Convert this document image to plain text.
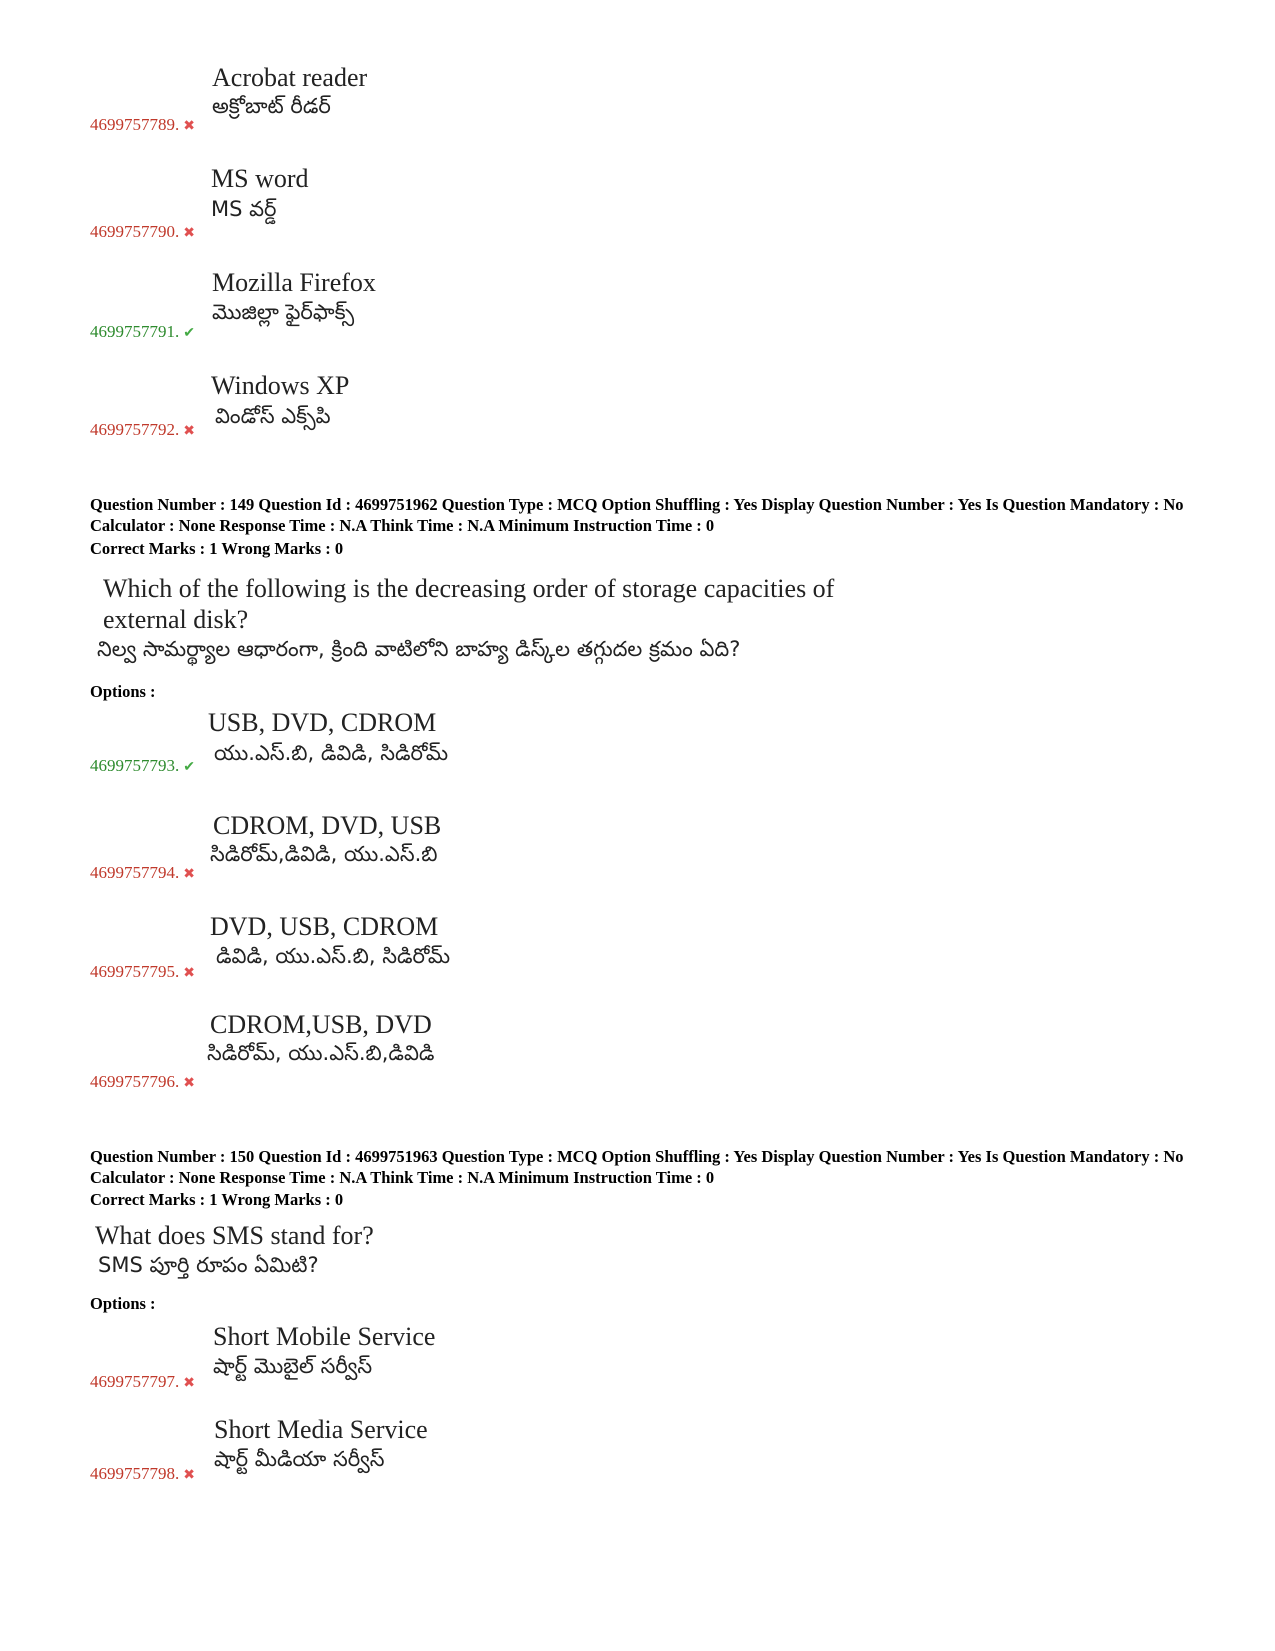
Acrobat reader
అక్రోబాట్ రీడర్
4699757789. ✖
MS word
MS వర్డ్
4699757790. ✖
Mozilla Firefox
మొజిల్లా ఫైర్‌ఫాక్స్
4699757791. ✔
Windows XP
విండోస్ ఎక్స్‌పి
4699757792. ✖
Question Number : 149 Question Id : 4699751962 Question Type : MCQ Option Shuffling : Yes Display Question Number : Yes Is Question Mandatory : No Calculator : None Response Time : N.A Think Time : N.A Minimum Instruction Time : 0
Correct Marks : 1 Wrong Marks : 0
Which of the following is the decreasing order of storage capacities of external disk?
నిల్వ సామర్థ్యాల ఆధారంగా, క్రింది వాటిలోని బాహ్య డిస్క్‌ల తగ్గుదల క్రమం ఏది?
Options :
USB, DVD, CDROM
యు.ఎస్.బి, డివిడి, సిడిరోమ్
4699757793. ✔
CDROM, DVD, USB
సిడిరోమ్,డివిడి, యు.ఎస్.బి
4699757794. ✖
DVD, USB, CDROM
డివిడి, యు.ఎస్.బి, సిడిరోమ్
4699757795. ✖
CDROM,USB, DVD
సిడిరోమ్, యు.ఎస్.బి,డివిడి
4699757796. ✖
Question Number : 150 Question Id : 4699751963 Question Type : MCQ Option Shuffling : Yes Display Question Number : Yes Is Question Mandatory : No Calculator : None Response Time : N.A Think Time : N.A Minimum Instruction Time : 0
Correct Marks : 1 Wrong Marks : 0
What does SMS stand for?
SMS పూర్తి రూపం ఏమిటి?
Options :
Short Mobile Service
షార్ట్ మొబైల్ సర్వీస్
4699757797. ✖
Short Media Service
షార్ట్ మీడియా సర్వీస్
4699757798. ✖
